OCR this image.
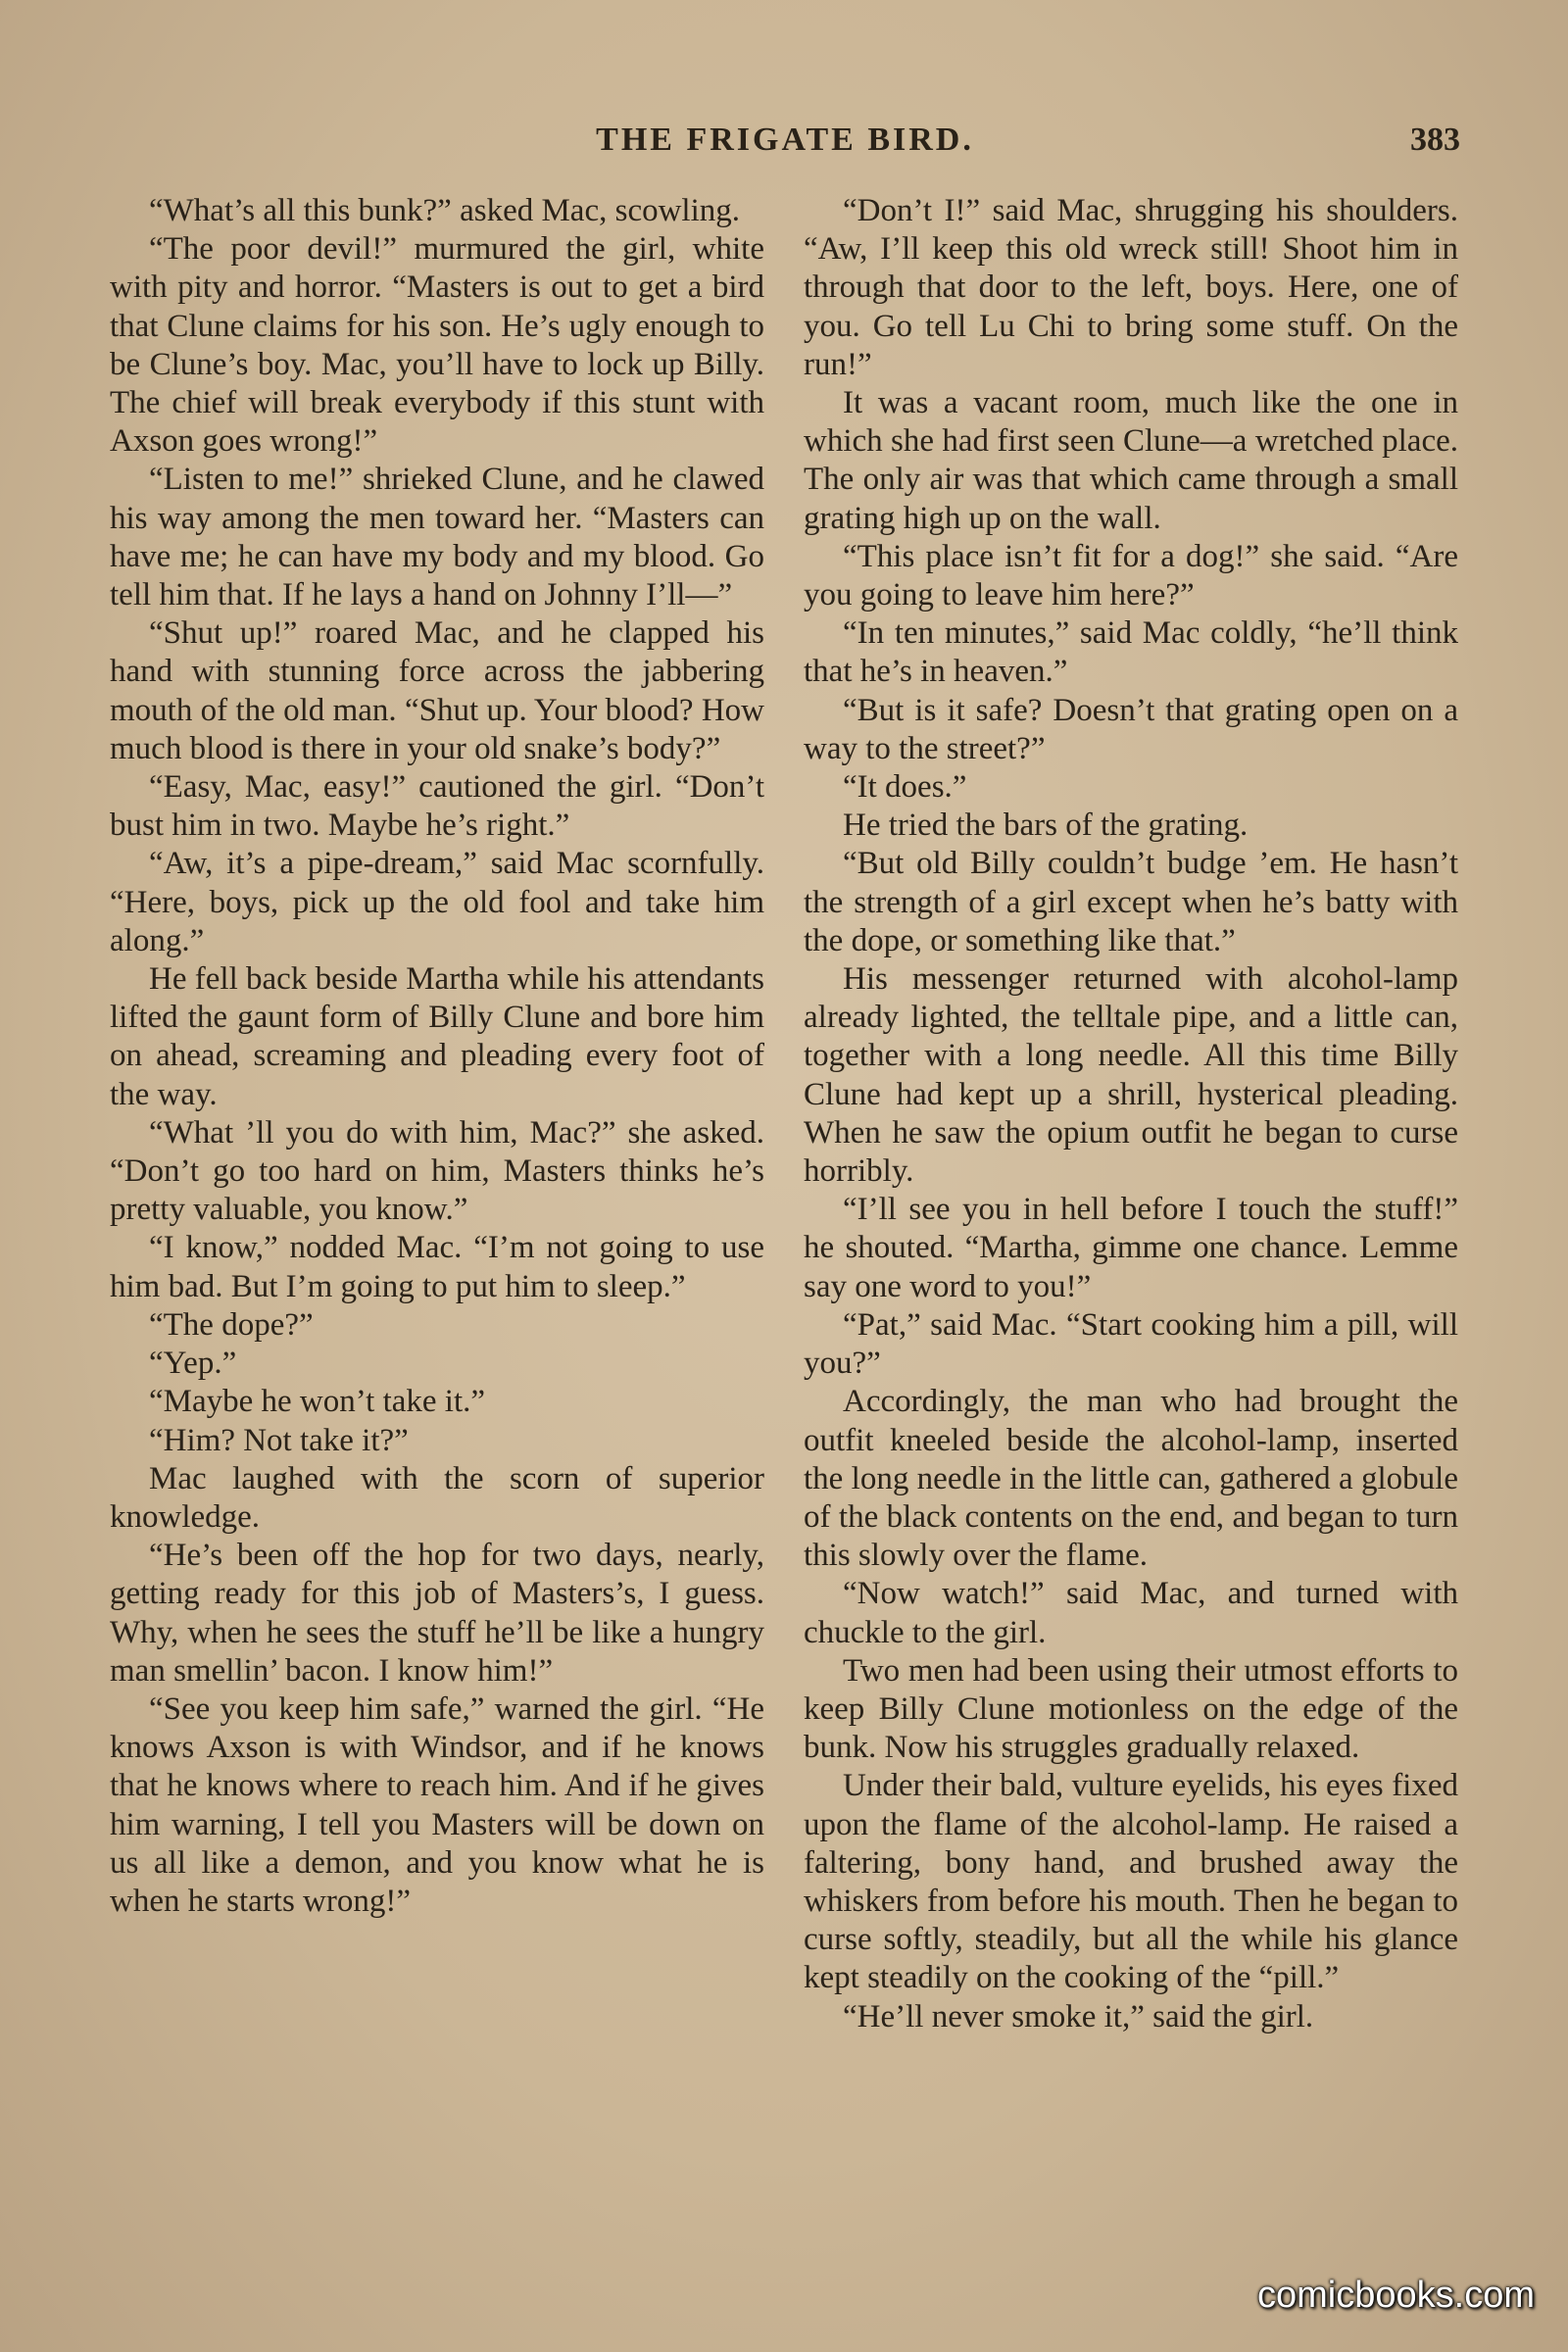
THE FRIGATE BIRD.	383

“What’s all this bunk?” asked Mac, scowling.

“The poor devil!” murmured the girl, white with pity and horror. “Masters is out to get a bird that Clune claims for his son. He’s ugly enough to be Clune’s boy. Mac, you’ll have to lock up Billy. The chief will break everybody if this stunt with Axson goes wrong!”

“Listen to me!” shrieked Clune, and he clawed his way among the men toward her. “Masters can have me; he can have my body and my blood. Go tell him that. If he lays a hand on Johnny I’ll—”

“Shut up!” roared Mac, and he clapped his hand with stunning force across the jabbering mouth of the old man. “Shut up. Your blood? How much blood is there in your old snake’s body?”

“Easy, Mac, easy!” cautioned the girl. “Don’t bust him in two. Maybe he’s right.”

“Aw, it’s a pipe-dream,” said Mac scornfully. “Here, boys, pick up the old fool and take him along.”

He fell back beside Martha while his attendants lifted the gaunt form of Billy Clune and bore him on ahead, screaming and pleading every foot of the way.

“What ’ll you do with him, Mac?” she asked. “Don’t go too hard on him, Masters thinks he’s pretty valuable, you know.”

“I know,” nodded Mac. “I’m not going to use him bad. But I’m going to put him to sleep.”

“The dope?”

“Yep.”

“Maybe he won’t take it.”

“Him? Not take it?”

Mac laughed with the scorn of superior knowledge.

“He’s been off the hop for two days, nearly, getting ready for this job of Masters’s, I guess. Why, when he sees the stuff he’ll be like a hungry man smellin’ bacon. I know him!”

“See you keep him safe,” warned the girl. “He knows Axson is with Windsor, and if he knows that he knows where to reach him. And if he gives him warning, I tell you Masters will be down on us all like a demon, and you know what he is when he starts wrong!”

“Don’t I!” said Mac, shrugging his shoulders. “Aw, I’ll keep this old wreck still! Shoot him in through that door to the left, boys. Here, one of you. Go tell Lu Chi to bring some stuff. On the run!”

It was a vacant room, much like the one in which she had first seen Clune—a wretched place. The only air was that which came through a small grating high up on the wall.

“This place isn’t fit for a dog!” she said. “Are you going to leave him here?”

“In ten minutes,” said Mac coldly, “he’ll think that he’s in heaven.”

“But is it safe? Doesn’t that grating open on a way to the street?”

“It does.”

He tried the bars of the grating.

“But old Billy couldn’t budge ’em. He hasn’t the strength of a girl except when he’s batty with the dope, or something like that.”

His messenger returned with alcohol-lamp already lighted, the telltale pipe, and a little can, together with a long needle. All this time Billy Clune had kept up a shrill, hysterical pleading. When he saw the opium outfit he began to curse horribly.

“I’ll see you in hell before I touch the stuff!” he shouted. “Martha, gimme one chance. Lemme say one word to you!”

“Pat,” said Mac. “Start cooking him a pill, will you?”

Accordingly, the man who had brought the outfit kneeled beside the alcohol-lamp, inserted the long needle in the little can, gathered a globule of the black contents on the end, and began to turn this slowly over the flame.

“Now watch!” said Mac, and turned with chuckle to the girl.

Two men had been using their utmost efforts to keep Billy Clune motionless on the edge of the bunk. Now his struggles gradually relaxed.

Under their bald, vulture eyelids, his eyes fixed upon the flame of the alcohol-lamp. He raised a faltering, bony hand, and brushed away the whiskers from before his mouth. Then he began to curse softly, steadily, but all the while his glance kept steadily on the cooking of the “pill.”

“He’ll never smoke it,” said the girl.

comicbooks.com
